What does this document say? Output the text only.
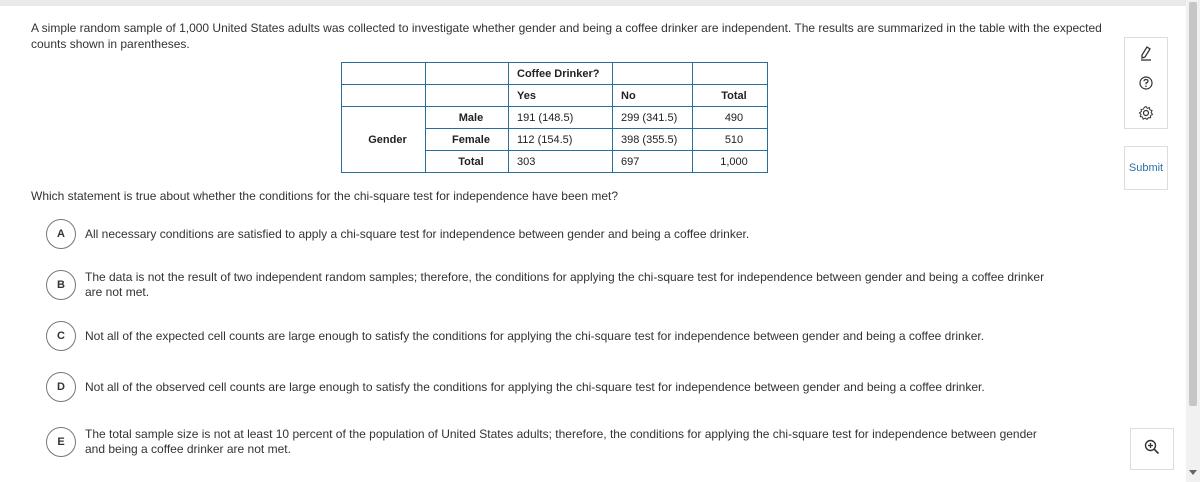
A simple random sample of 1,000 United States adults was collected to investigate whether gender and being a coffee drinker are independent. The results are summarized in the table with the expected counts shown in parentheses.
		Coffee Drinker?		
		Yes	No	Total
Gender	Male	191 (148.5)	299 (341.5)	490
	Female	112 (154.5)	398 (355.5)	510
	Total	303	697	1,000
Which statement is true about whether the conditions for the chi-square test for independence have been met?
A	All necessary conditions are satisfied to apply a chi-square test for independence between gender and being a coffee drinker.
B
The data is not the result of two independent random samples; therefore, the conditions for applying the chi-square test for independence between gender and being a coffee drinker are not met.
C	Not all of the expected cell counts are large enough to satisfy the conditions for applying the chi-square test for independence between gender and being a coffee drinker.
D	Not all of the observed cell counts are large enough to satisfy the conditions for applying the chi-square test for independence between gender and being a coffee drinker.
E
The total sample size is not at least 10 percent of the population of United States adults; therefore, the conditions for applying the chi-square test for independence between gender and being a coffee drinker are not met.
Submit
